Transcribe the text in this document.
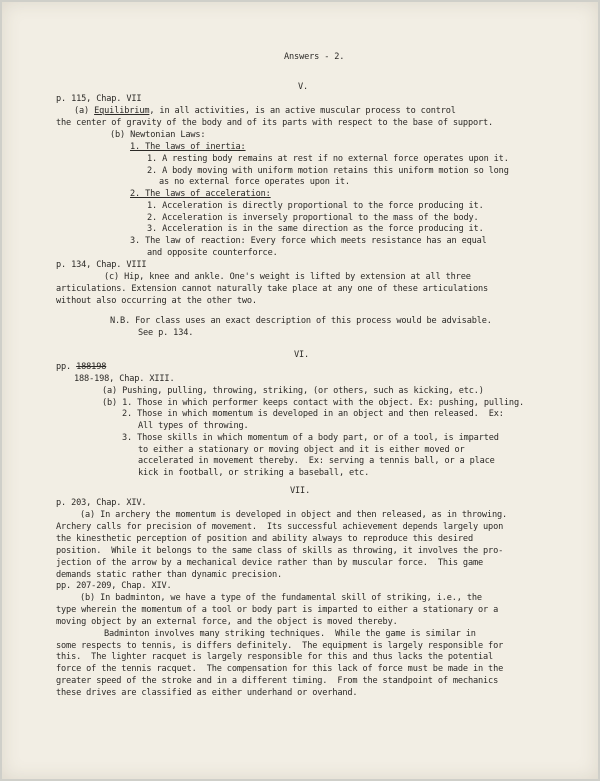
Answers - 2.
V.
p. 115, Chap. VII
(a) Equilibrium, in all activities, is an active muscular process to control
the center of gravity of the body and of its parts with respect to the base of support.
(b) Newtonian Laws:
1. The laws of inertia:
1. A resting body remains at rest if no external force operates upon it.
2. A body moving with uniform motion retains this uniform motion so long
as no external force operates upon it.
2. The laws of acceleration:
1. Acceleration is directly proportional to the force producing it.
2. Acceleration is inversely proportional to the mass of the body.
3. Acceleration is in the same direction as the force producing it.
3. The law of reaction: Every force which meets resistance has an equal
and opposite counterforce.
p. 134, Chap. VIII
(c) Hip, knee and ankle. One's weight is lifted by extension at all three
articulations. Extension cannot naturally take place at any one of these articulations
without also occurring at the other two.
N.B. For class uses an exact description of this process would be advisable.
See p. 134.
VI.
pp. 188198
188-198, Chap. XIII.
(a) Pushing, pulling, throwing, striking, (or others, such as kicking, etc.)
(b) 1. Those in which performer keeps contact with the object. Ex: pushing, pulling.
2. Those in which momentum is developed in an object and then released.  Ex:
All types of throwing.
3. Those skills in which momentum of a body part, or of a tool, is imparted
to either a stationary or moving object and it is either moved or
accelerated in movement thereby.  Ex: serving a tennis ball, or a place
kick in football, or striking a baseball, etc.
VII.
p. 203, Chap. XIV.
(a) In archery the momentum is developed in object and then released, as in throwing.
Archery calls for precision of movement.  Its successful achievement depends largely upon
the kinesthetic perception of position and ability always to reproduce this desired
position.  While it belongs to the same class of skills as throwing, it involves the pro-
jection of the arrow by a mechanical device rather than by muscular force.  This game
demands static rather than dynamic precision.
pp. 207-209, Chap. XIV.
(b) In badminton, we have a type of the fundamental skill of striking, i.e., the
type wherein the momentum of a tool or body part is imparted to either a stationary or a
moving object by an external force, and the object is moved thereby.
Badminton involves many striking techniques.  While the game is similar in
some respects to tennis, is differs definitely.  The equipment is largely responsible for
this.  The lighter racquet is largely responsible for this and thus lacks the potential
force of the tennis racquet.  The compensation for this lack of force must be made in the
greater speed of the stroke and in a different timing.  From the standpoint of mechanics
these drives are classified as either underhand or overhand.
